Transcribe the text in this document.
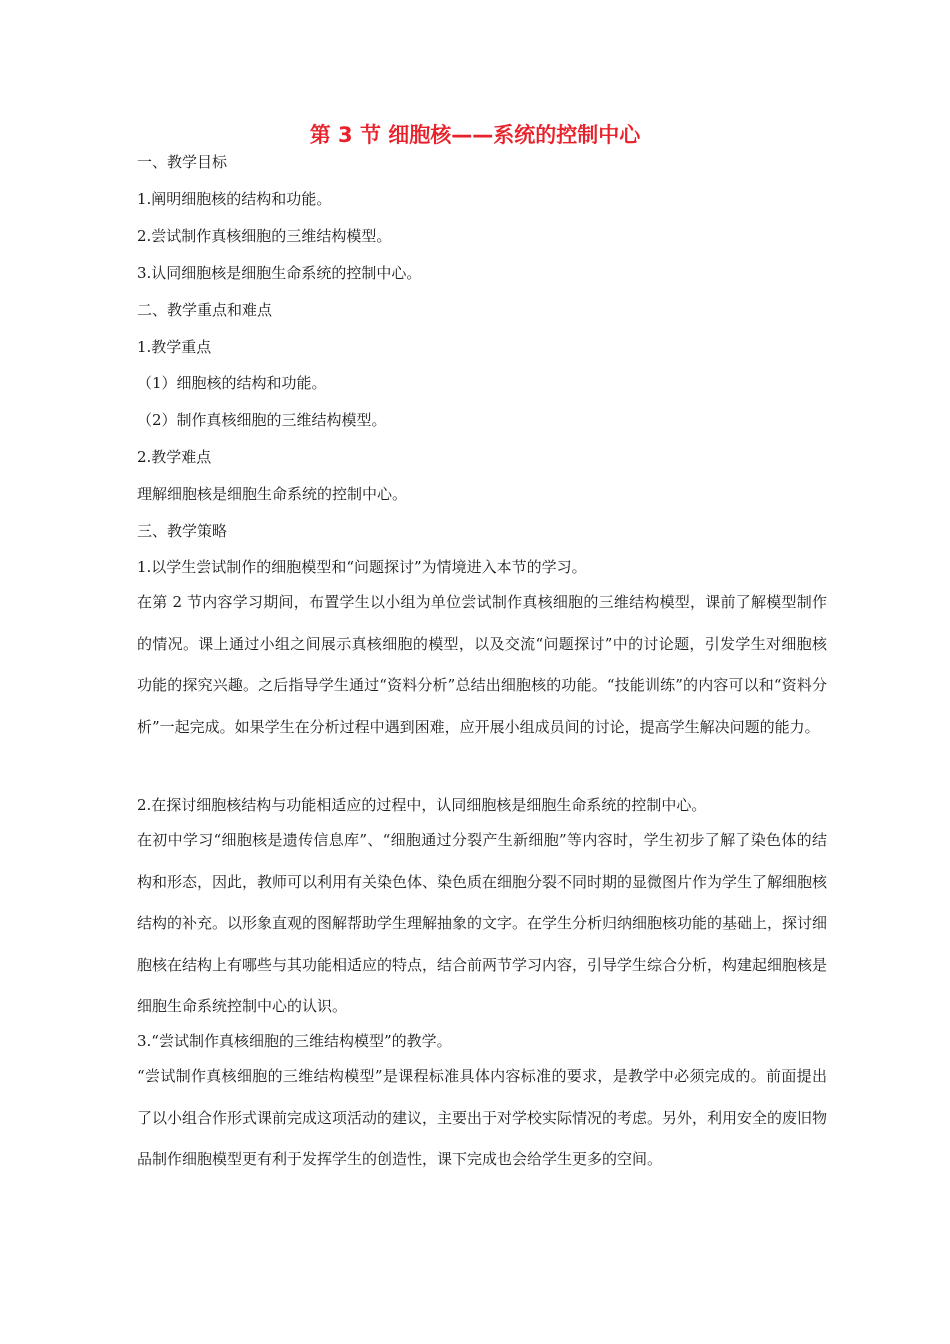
第 3 节 细胞核——系统的控制中心
一、教学目标
1.阐明细胞核的结构和功能。
2.尝试制作真核细胞的三维结构模型。
3.认同细胞核是细胞生命系统的控制中心。
二、教学重点和难点
1.教学重点
（1）细胞核的结构和功能。
（2）制作真核细胞的三维结构模型。
2.教学难点
理解细胞核是细胞生命系统的控制中心。
三、教学策略
1.以学生尝试制作的细胞模型和“问题探讨”为情境进入本节的学习。
在第 2 节内容学习期间，布置学生以小组为单位尝试制作真核细胞的三维结构模型，课前了解模型制作的情况。课上通过小组之间展示真核细胞的模型，以及交流“问题探讨”中的讨论题，引发学生对细胞核功能的探究兴趣。之后指导学生通过“资料分析”总结出细胞核的功能。“技能训练”的内容可以和“资料分析”一起完成。如果学生在分析过程中遇到困难，应开展小组成员间的讨论，提高学生解决问题的能力。
2.在探讨细胞核结构与功能相适应的过程中，认同细胞核是细胞生命系统的控制中心。
在初中学习“细胞核是遗传信息库”、“细胞通过分裂产生新细胞”等内容时，学生初步了解了染色体的结构和形态，因此，教师可以利用有关染色体、染色质在细胞分裂不同时期的显微图片作为学生了解细胞核结构的补充。以形象直观的图解帮助学生理解抽象的文字。在学生分析归纳细胞核功能的基础上，探讨细胞核在结构上有哪些与其功能相适应的特点，结合前两节学习内容，引导学生综合分析，构建起细胞核是细胞生命系统控制中心的认识。
3.“尝试制作真核细胞的三维结构模型”的教学。
“尝试制作真核细胞的三维结构模型”是课程标准具体内容标准的要求，是教学中必须完成的。前面提出了以小组合作形式课前完成这项活动的建议，主要出于对学校实际情况的考虑。另外，利用安全的废旧物品制作细胞模型更有利于发挥学生的创造性，课下完成也会给学生更多的空间。
